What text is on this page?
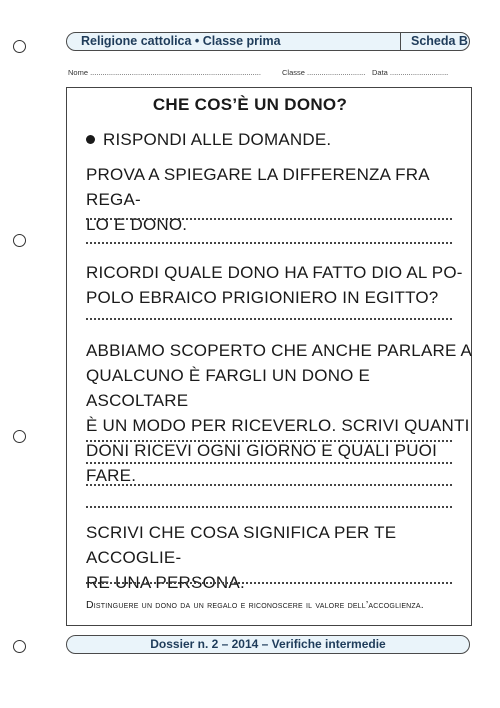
Religione cattolica • Classe prima	Scheda B
Nome ..................................................................................	Classe ............................ Data ............................
CHE COS’È UN DONO?
RISPONDI ALLE DOMANDE.
PROVA A SPIEGARE LA DIFFERENZA FRA REGA-
LO E DONO.
RICORDI QUALE DONO HA FATTO DIO AL PO-
POLO EBRAICO PRIGIONIERO IN EGITTO?
ABBIAMO SCOPERTO CHE ANCHE PARLARE A
QUALCUNO È FARGLI UN DONO E ASCOLTARE
È UN MODO PER RICEVERLO. SCRIVI QUANTI
DONI RICEVI OGNI GIORNO E QUALI PUOI FARE.
SCRIVI CHE COSA SIGNIFICA PER TE ACCOGLIE-
RE UNA PERSONA.
Distinguere un dono da un regalo e riconoscere il valore dell’accoglienza.
Dossier n. 2 – 2014 – Verifiche intermedie
